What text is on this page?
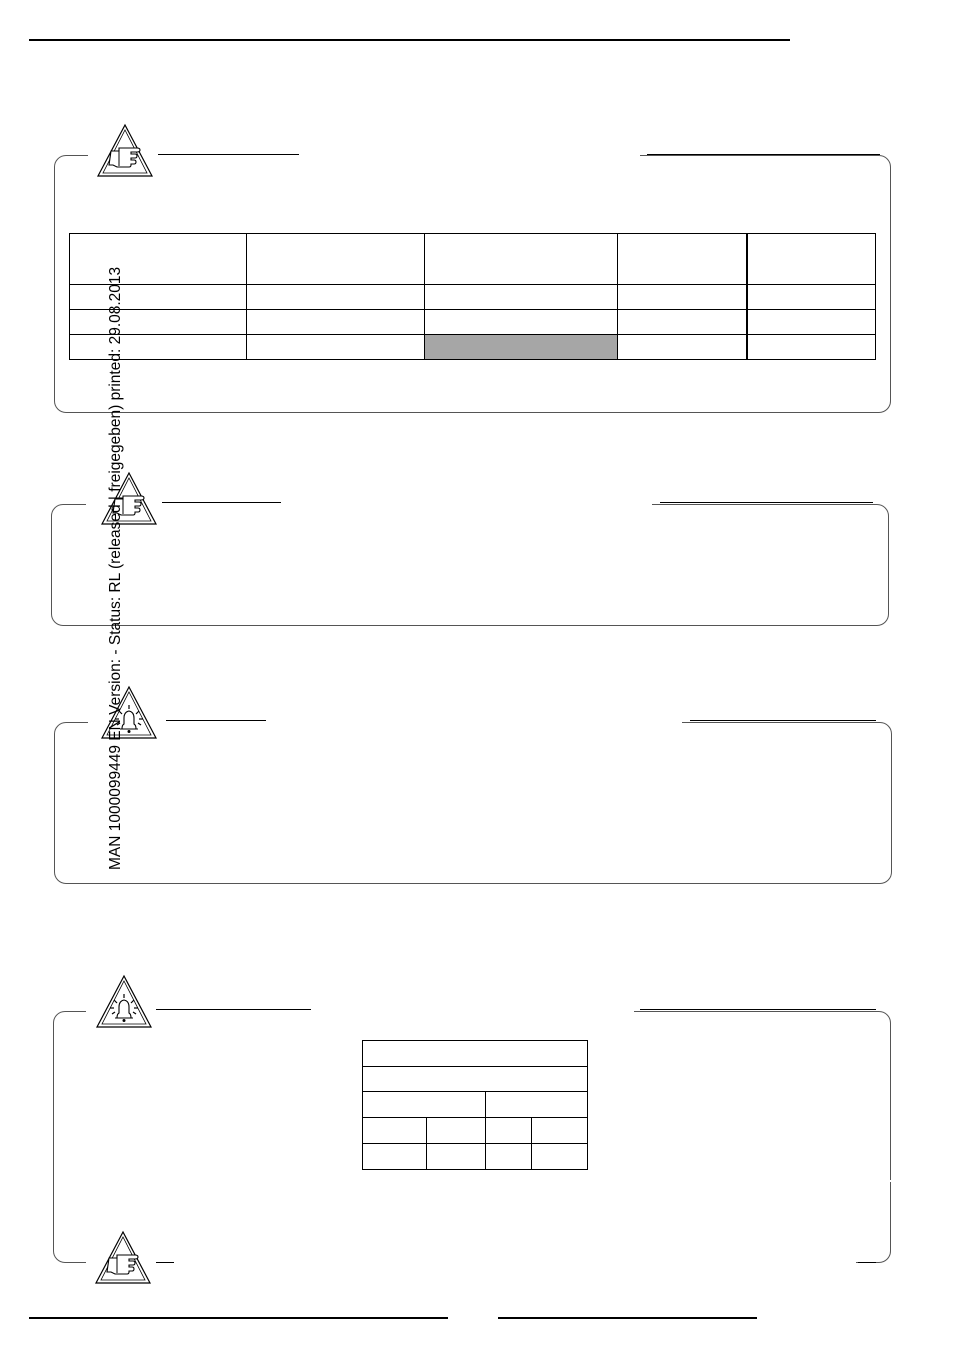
MAN 1000099449 EN Version: - Status: RL (released | freigegeben) printed: 29.08.2013
